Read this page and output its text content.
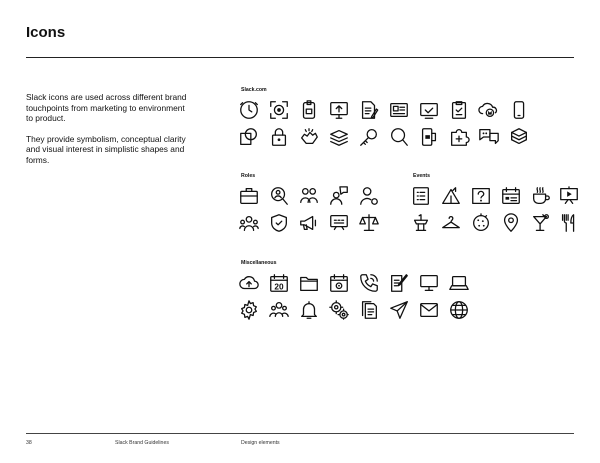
Icons

Slack icons are used across different brand touchpoints from marketing to environment to product.

They provide symbolism, conceptual clarity and visual interest in simplistic shapes and forms.

Slack.com
Roles	Events
Miscellaneous
20
38	Slack Brand Guidelines	Design elements
